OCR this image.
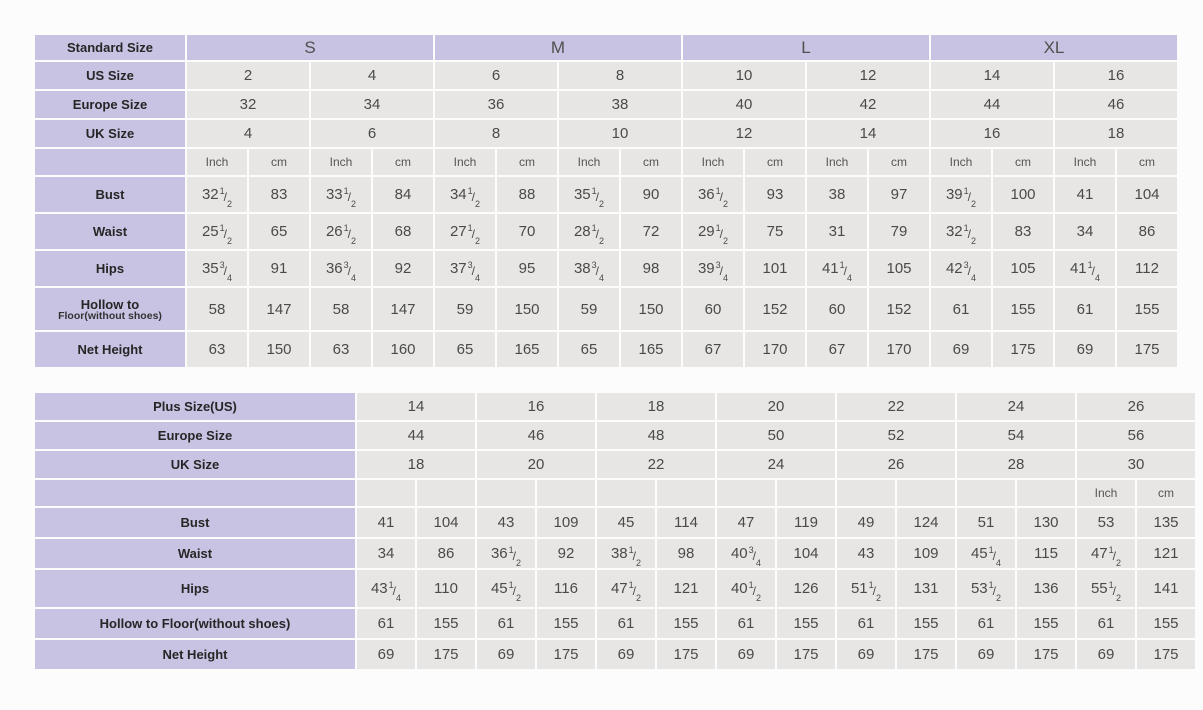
Standard Size	S				M				L				XL			
US Size	2		4		6		8		10		12		14		16	
Europe Size	32		34		36		38		40		42		44		46	
UK Size	4		6		8		10		12		14		16		18	
	Inch	cm	Inch	cm	Inch	cm	Inch	cm	Inch	cm	Inch	cm	Inch	cm	Inch	cm
Bust	$32^1/_2$	83	$33^1/_2$	84	$34^1/_2$	88	$35^1/_2$	90	$36^1/_2$	93	38	97	$39^1/_2$	100	41	104
Waist	$25^1/_2$	65	$26^1/_2$	68	$27^1/_2$	70	$28^1/_2$	72	$29^1/_2$	75	31	79	$32^1/_2$	83	34	86
Hips	$35^3/_4$	91	$36^3/_4$	92	$37^3/_4$	95	$38^3/_4$	98	$39^3/_4$	101	$41^1/_4$	105	$42^3/_4$	105	$41^1/_4$	112
Hollow to
Floor(without shoes)	58	147	58	147	59	150	59	150	60	152	60	152	61	155	61	155
Net Height	63	150	63	160	65	165	65	165	67	170	67	170	69	175	69	175
Plus Size(US)	14		16		18		20		22		24		26	
Europe Size	44		46		48		50		52		54		56	
UK Size	18		20		22		24		26		28		30	
													Inch	cm
Bust	41	104	43	109	45	114	47	119	49	124	51	130	53	135
Waist	34	86	$36^1/_2$	92	$38^1/_2$	98	$40^3/_4$	104	43	109	$45^1/_4$	115	$47^1/_2$	121
Hips	$43^1/_4$	110	$45^1/_2$	116	$47^1/_2$	121	$40^1/_2$	126	$51^1/_2$	131	$53^1/_2$	136	$55^1/_2$	141
Hollow to Floor(without shoes)	61	155	61	155	61	155	61	155	61	155	61	155	61	155
Net Height	69	175	69	175	69	175	69	175	69	175	69	175	69	175
